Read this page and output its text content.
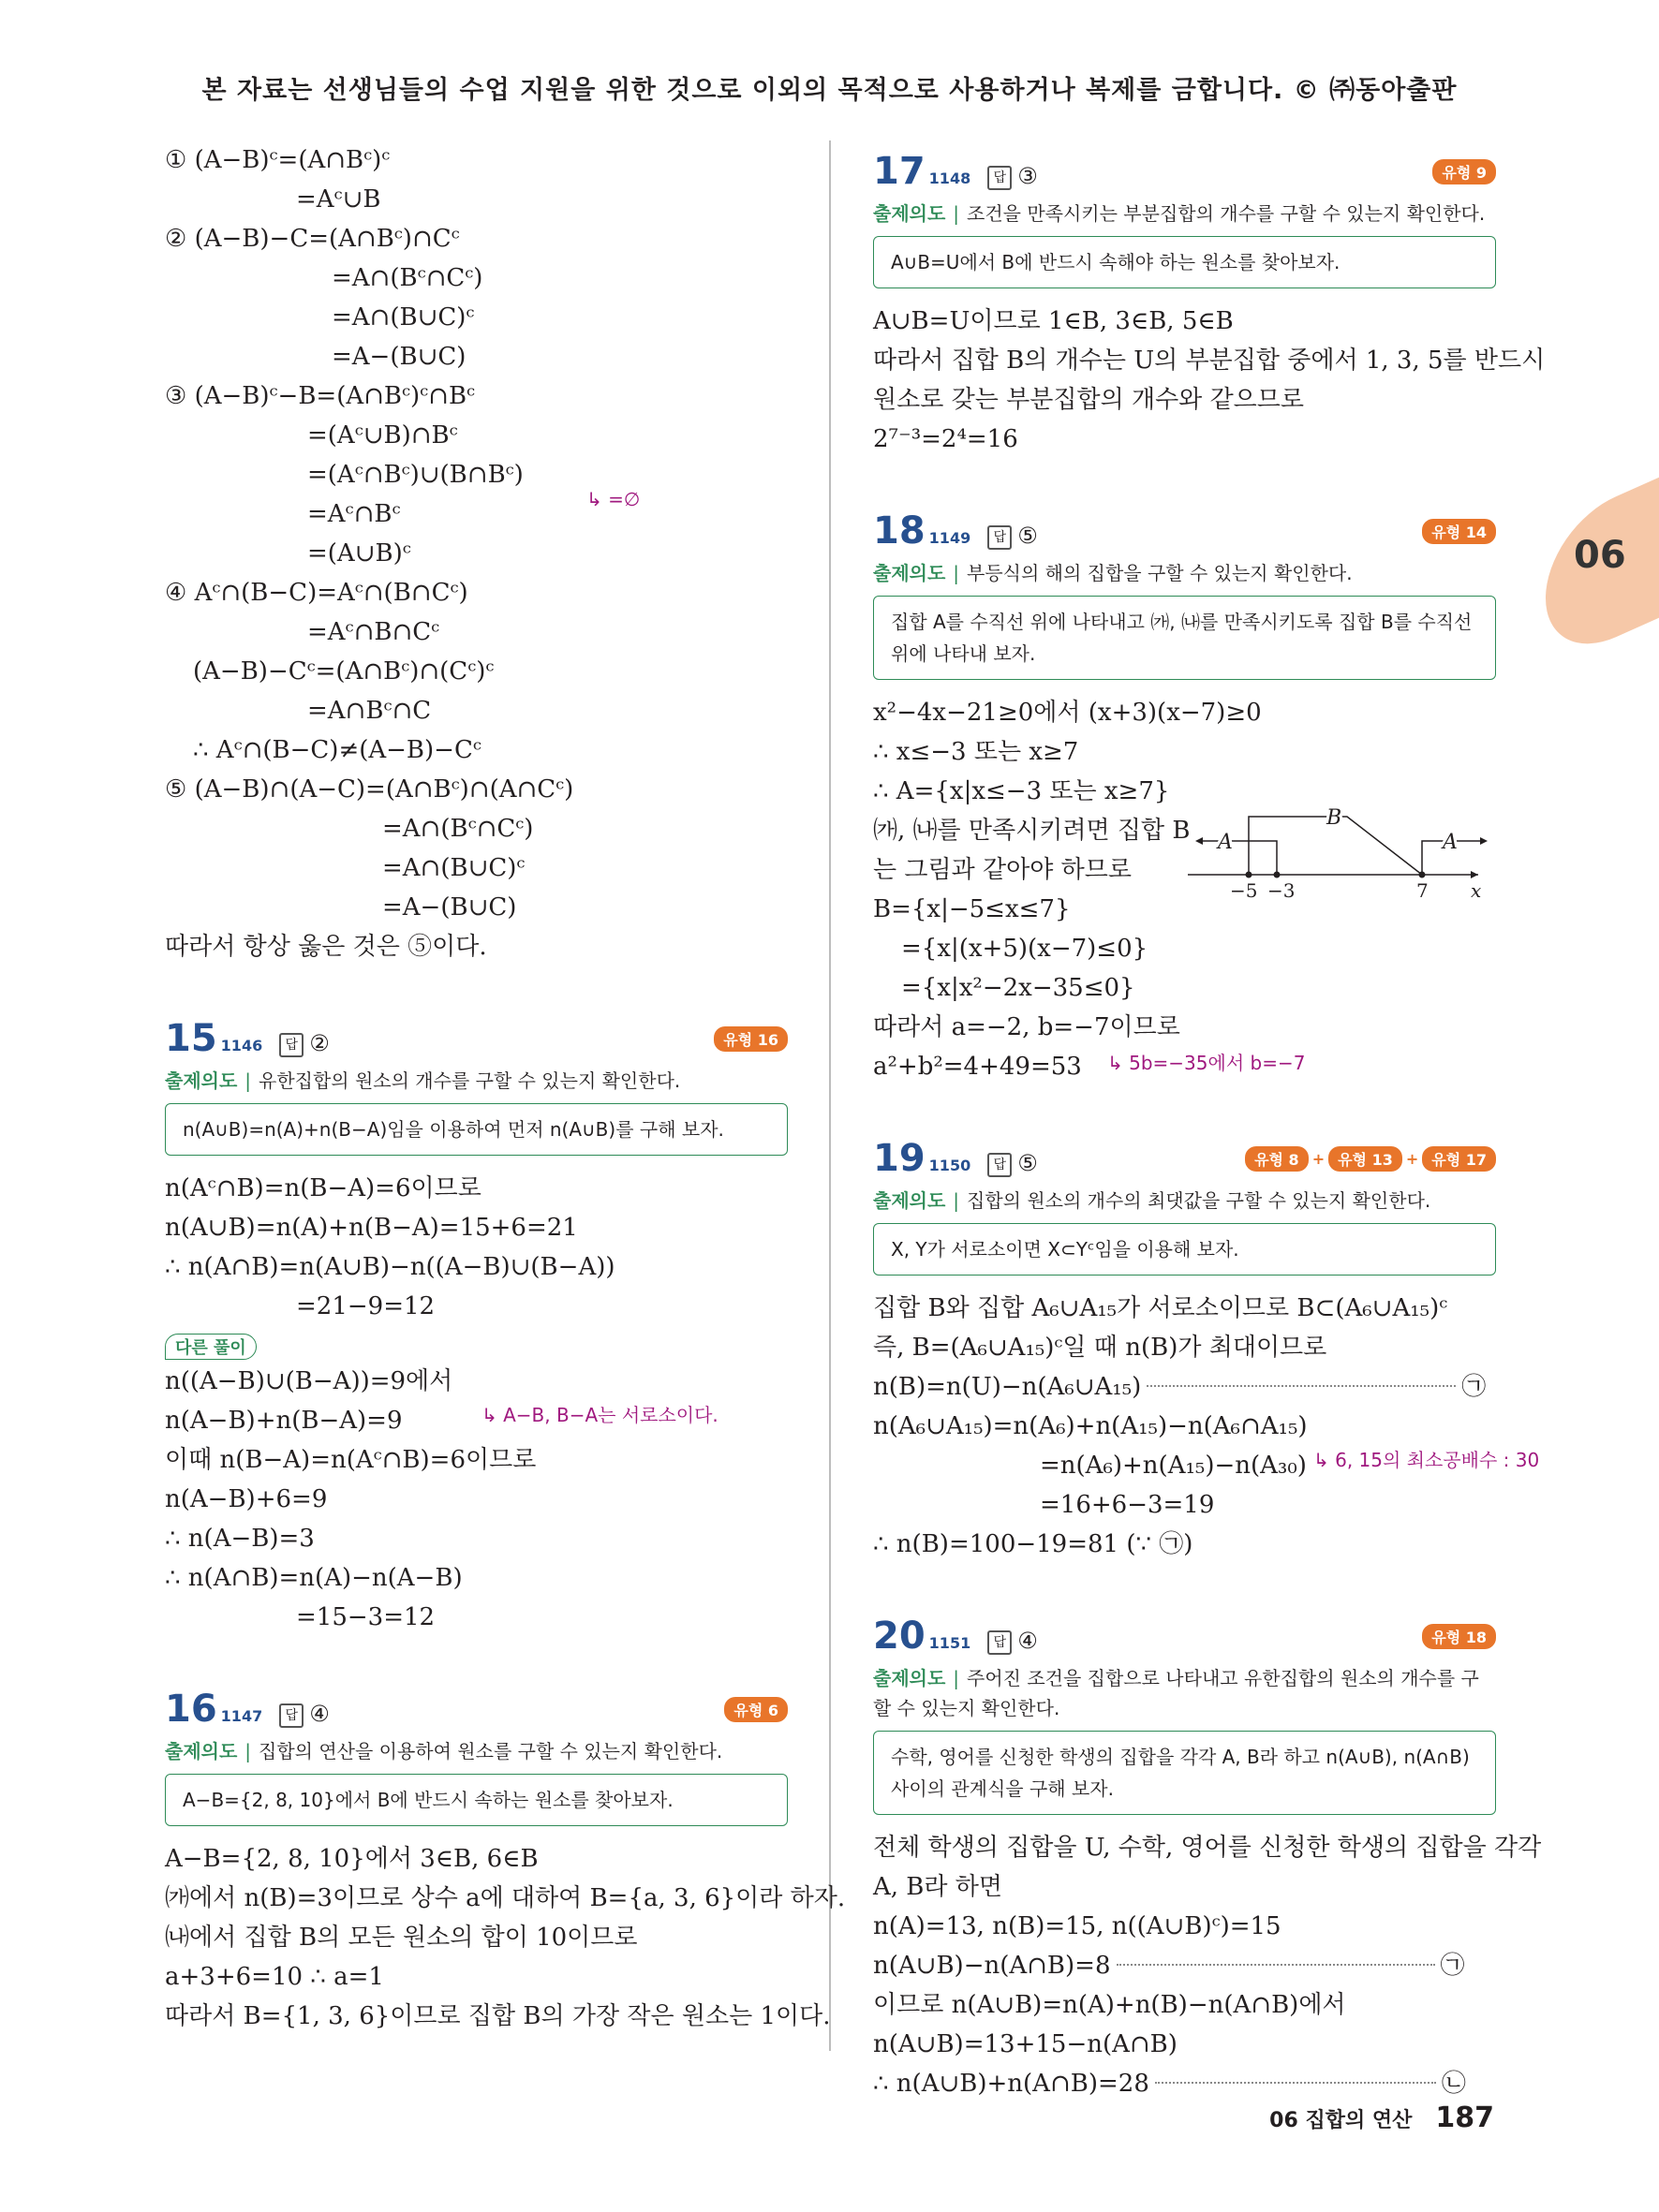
본 자료는 선생님들의 수업 지원을 위한 것으로 이외의 목적으로 사용하거나 복제를 금합니다. © ㈜동아출판
06
① (A−B)ᶜ=(A∩Bᶜ)ᶜ
=Aᶜ∪B
② (A−B)−C=(A∩Bᶜ)∩Cᶜ
=A∩(Bᶜ∩Cᶜ)
=A∩(B∪C)ᶜ
=A−(B∪C)
③ (A−B)ᶜ−B=(A∩Bᶜ)ᶜ∩Bᶜ
=(Aᶜ∪B)∩Bᶜ
=(Aᶜ∩Bᶜ)∪(B∩Bᶜ)
↳ =∅
=Aᶜ∩Bᶜ
=(A∪B)ᶜ
④ Aᶜ∩(B−C)=Aᶜ∩(B∩Cᶜ)
=Aᶜ∩B∩Cᶜ
(A−B)−Cᶜ=(A∩Bᶜ)∩(Cᶜ)ᶜ
=A∩Bᶜ∩C
∴ Aᶜ∩(B−C)≠(A−B)−Cᶜ
⑤ (A−B)∩(A−C)=(A∩Bᶜ)∩(A∩Cᶜ)
=A∩(Bᶜ∩Cᶜ)
=A∩(B∪C)ᶜ
=A−(B∪C)
따라서 항상 옳은 것은 ⑤이다.
15 1146 답 ②	유형 16
출제의도 | 유한집합의 원소의 개수를 구할 수 있는지 확인한다.
n(A∪B)=n(A)+n(B−A)임을 이용하여 먼저 n(A∪B)를 구해 보자.
n(Aᶜ∩B)=n(B−A)=6이므로
n(A∪B)=n(A)+n(B−A)=15+6=21
∴ n(A∩B)=n(A∪B)−n((A−B)∪(B−A))
=21−9=12
다른 풀이
n((A−B)∪(B−A))=9에서
n(A−B)+n(B−A)=9	↳ A−B, B−A는 서로소이다.
이때 n(B−A)=n(Aᶜ∩B)=6이므로
n(A−B)+6=9
∴ n(A−B)=3
∴ n(A∩B)=n(A)−n(A−B)
=15−3=12
16 1147 답 ④	유형 6
출제의도 | 집합의 연산을 이용하여 원소를 구할 수 있는지 확인한다.
A−B={2, 8, 10}에서 B에 반드시 속하는 원소를 찾아보자.
A−B={2, 8, 10}에서 3∈B, 6∈B
㈎에서 n(B)=3이므로 상수 a에 대하여 B={a, 3, 6}이라 하자.
㈏에서 집합 B의 모든 원소의 합이 10이므로
a+3+6=10 ∴ a=1
따라서 B={1, 3, 6}이므로 집합 B의 가장 작은 원소는 1이다.
17 1148 답 ③	유형 9
출제의도 | 조건을 만족시키는 부분집합의 개수를 구할 수 있는지 확인한다.
A∪B=U에서 B에 반드시 속해야 하는 원소를 찾아보자.
A∪B=U이므로 1∈B, 3∈B, 5∈B
따라서 집합 B의 개수는 U의 부분집합 중에서 1, 3, 5를 반드시
원소로 갖는 부분집합의 개수와 같으므로
2⁷⁻³=2⁴=16
18 1149 답 ⑤	유형 14
출제의도 | 부등식의 해의 집합을 구할 수 있는지 확인한다.
집합 A를 수직선 위에 나타내고 ㈎, ㈏를 만족시키도록 집합 B를 수직선 위에 나타내 보자.
x²−4x−21≥0에서 (x+3)(x−7)≥0
∴ x≤−3 또는 x≥7
∴ A={x|x≤−3 또는 x≥7}
㈎, ㈏를 만족시키려면 집합 B
는 그림과 같아야 하므로
B={x|−5≤x≤7}
={x|(x+5)(x−7)≤0}
={x|x²−2x−35≤0}
따라서 a=−2, b=−7이므로
a²+b²=4+49=53 ↳ 5b=−35에서 b=−7
19 1150 답 ⑤	유형 8 + 유형 13 + 유형 17
출제의도 | 집합의 원소의 개수의 최댓값을 구할 수 있는지 확인한다.
X, Y가 서로소이면 X⊂Yᶜ임을 이용해 보자.
집합 B와 집합 A₆∪A₁₅가 서로소이므로 B⊂(A₆∪A₁₅)ᶜ
즉, B=(A₆∪A₁₅)ᶜ일 때 n(B)가 최대이므로
n(B)=n(U)−n(A₆∪A₁₅)	㉠
n(A₆∪A₁₅)=n(A₆)+n(A₁₅)−n(A₆∩A₁₅)
=n(A₆)+n(A₁₅)−n(A₃₀) ↳ 6, 15의 최소공배수 : 30
=16+6−3=19
∴ n(B)=100−19=81 (∵ ㉠)
20 1151 답 ④	유형 18
출제의도 | 주어진 조건을 집합으로 나타내고 유한집합의 원소의 개수를 구할 수 있는지 확인한다.
수학, 영어를 신청한 학생의 집합을 각각 A, B라 하고 n(A∪B), n(A∩B) 사이의 관계식을 구해 보자.
전체 학생의 집합을 U, 수학, 영어를 신청한 학생의 집합을 각각
A, B라 하면
n(A)=13, n(B)=15, n((A∪B)ᶜ)=15
n(A∪B)−n(A∩B)=8	㉠
이므로 n(A∪B)=n(A)+n(B)−n(A∩B)에서
n(A∪B)=13+15−n(A∩B)
∴ n(A∪B)+n(A∩B)=28	㉡
A
B
A
−5 −3	7 x
06 집합의 연산 187
